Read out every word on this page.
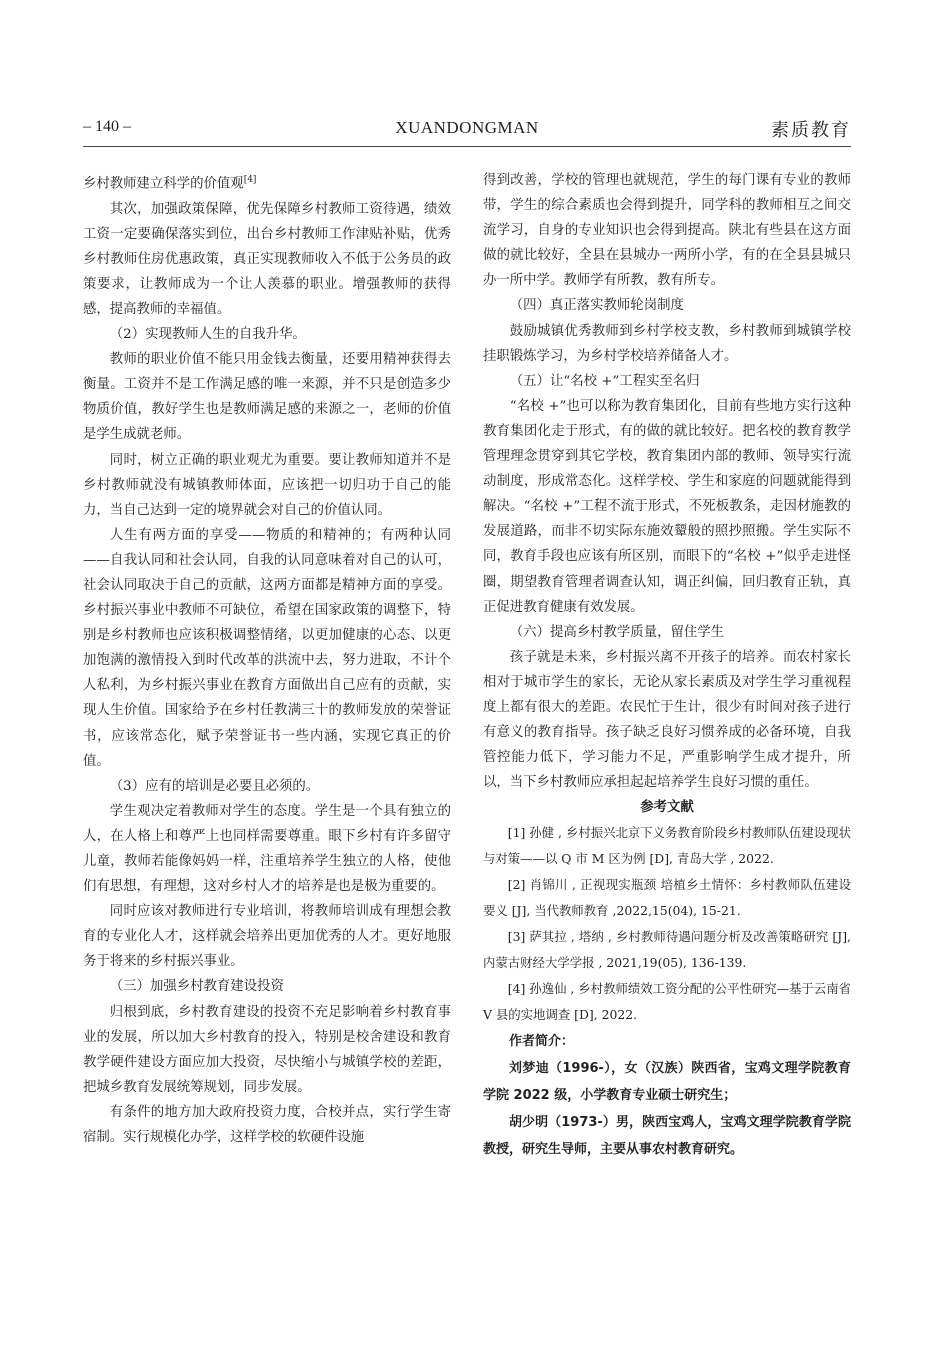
– 140 –	XUANDONGMAN	素质教育

乡村教师建立科学的价值观[4]

其次，加强政策保障，优先保障乡村教师工资待遇，绩效工资一定要确保落实到位，出台乡村教师工作津贴补贴，优秀乡村教师住房优惠政策，真正实现教师收入不低于公务员的政策要求，让教师成为一个让人羡慕的职业。增强教师的获得感，提高教师的幸福值。

（2）实现教师人生的自我升华。

教师的职业价值不能只用金钱去衡量，还要用精神获得去衡量。工资并不是工作满足感的唯一来源，并不只是创造多少物质价值，教好学生也是教师满足感的来源之一，老师的价值是学生成就老师。

同时，树立正确的职业观尤为重要。要让教师知道并不是乡村教师就没有城镇教师体面，应该把一切归功于自己的能力，当自己达到一定的境界就会对自己的价值认同。

人生有两方面的享受——物质的和精神的；有两种认同——自我认同和社会认同，自我的认同意味着对自己的认可，社会认同取决于自己的贡献，这两方面都是精神方面的享受。乡村振兴事业中教师不可缺位，希望在国家政策的调整下，特别是乡村教师也应该积极调整情绪，以更加健康的心态、以更加饱满的激情投入到时代改革的洪流中去，努力进取，不计个人私利，为乡村振兴事业在教育方面做出自己应有的贡献，实现人生价值。国家给予在乡村任教满三十的教师发放的荣誉证书，应该常态化，赋予荣誉证书一些内涵，实现它真正的价值。

（3）应有的培训是必要且必须的。

学生观决定着教师对学生的态度。学生是一个具有独立的人，在人格上和尊严上也同样需要尊重。眼下乡村有许多留守儿童，教师若能像妈妈一样，注重培养学生独立的人格，使他们有思想，有理想，这对乡村人才的培养是也是极为重要的。

同时应该对教师进行专业培训，将教师培训成有理想会教育的专业化人才，这样就会培养出更加优秀的人才。更好地服务于将来的乡村振兴事业。

（三）加强乡村教育建设投资

归根到底，乡村教育建设的投资不充足影响着乡村教育事业的发展，所以加大乡村教育的投入，特别是校舍建设和教育教学硬件建设方面应加大投资，尽快缩小与城镇学校的差距，把城乡教育发展统筹规划，同步发展。

有条件的地方加大政府投资力度，合校并点，实行学生寄宿制。实行规模化办学，这样学校的软硬件设施

得到改善，学校的管理也就规范，学生的每门课有专业的教师带，学生的综合素质也会得到提升，同学科的教师相互之间交流学习，自身的专业知识也会得到提高。陕北有些县在这方面做的就比较好，全县在县城办一两所小学，有的在全县县城只办一所中学。教师学有所教，教有所专。

（四）真正落实教师轮岗制度

鼓励城镇优秀教师到乡村学校支教，乡村教师到城镇学校挂职锻炼学习，为乡村学校培养储备人才。

（五）让“名校 +”工程实至名归

“名校 +”也可以称为教育集团化，目前有些地方实行这种教育集团化走于形式，有的做的就比较好。把名校的教育教学管理理念贯穿到其它学校，教育集团内部的教师、领导实行流动制度，形成常态化。这样学校、学生和家庭的问题就能得到解决。“名校 +”工程不流于形式，不死板教条，走因材施教的发展道路，而非不切实际东施效颦般的照抄照搬。学生实际不同，教育手段也应该有所区别，而眼下的“名校 +”似乎走进怪圈，期望教育管理者调查认知，调正纠偏，回归教育正轨，真正促进教育健康有效发展。

（六）提高乡村教学质量，留住学生

孩子就是未来，乡村振兴离不开孩子的培养。而农村家长相对于城市学生的家长，无论从家长素质及对学生学习重视程度上都有很大的差距。农民忙于生计，很少有时间对孩子进行有意义的教育指导。孩子缺乏良好习惯养成的必备环境，自我管控能力低下，学习能力不足，严重影响学生成才提升，所以，当下乡村教师应承担起起培养学生良好习惯的重任。

参考文献

[1] 孙健 , 乡村振兴北京下义务教育阶段乡村教师队伍建设现状与对策——以 Q 市 M 区为例 [D], 青岛大学 , 2022.

[2] 肖锦川 , 正视现实瓶颈 培植乡土情怀：乡村教师队伍建设要义 [J], 当代教师教育 ,2022,15(04), 15-21.

[3] 萨其拉 , 塔纳 , 乡村教师待遇问题分析及改善策略研究 [J], 内蒙古财经大学学报 , 2021,19(05), 136-139.

[4] 孙逸仙 , 乡村教师绩效工资分配的公平性研究—基于云南省 V 县的实地调查 [D], 2022.

作者简介：

刘梦迪（1996-），女（汉族）陕西省，宝鸡文理学院教育学院 2022 级，小学教育专业硕士研究生；

胡少明（1973-）男，陕西宝鸡人，宝鸡文理学院教育学院教授，研究生导师，主要从事农村教育研究。
